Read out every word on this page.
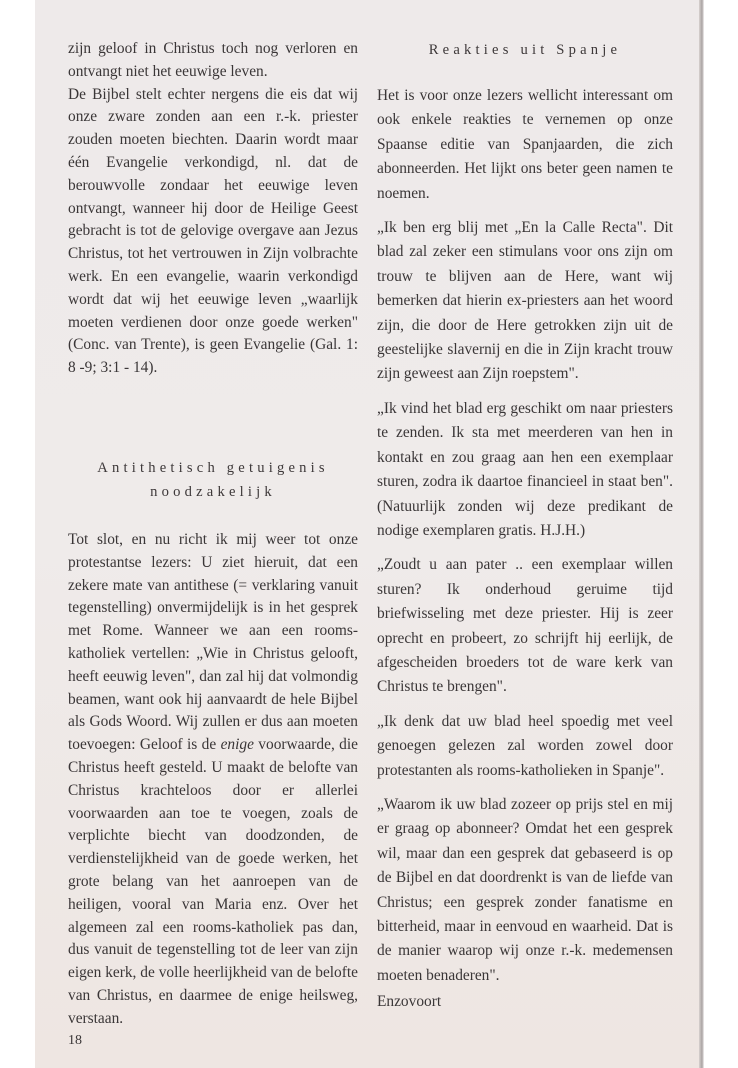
zijn geloof in Christus toch nog verloren en ontvangt niet het eeuwige leven.

De Bijbel stelt echter nergens die eis dat wij onze zware zonden aan een r.-k. priester zouden moeten biechten. Daarin wordt maar één Evangelie verkondigd, nl. dat de berouwvolle zondaar het eeuwige leven ontvangt, wanneer hij door de Heilige Geest gebracht is tot de gelovige overgave aan Jezus Christus, tot het vertrouwen in Zijn volbrachte werk. En een evangelie, waarin verkondigd wordt dat wij het eeuwige leven „waarlijk moeten verdienen door onze goede werken" (Conc. van Trente), is geen Evangelie (Gal. 1: 8 -9; 3:1 - 14).

Antithetisch getuigenis
noodzakelijk

Tot slot, en nu richt ik mij weer tot onze protestantse lezers: U ziet hieruit, dat een zekere mate van antithese (= verklaring vanuit tegenstelling) onvermijdelijk is in het gesprek met Rome. Wanneer we aan een rooms-katholiek vertellen: „Wie in Christus gelooft, heeft eeuwig leven", dan zal hij dat volmondig beamen, want ook hij aanvaardt de hele Bijbel als Gods Woord. Wij zullen er dus aan moeten toevoegen: Geloof is de enige voorwaarde, die Christus heeft gesteld. U maakt de belofte van Christus krachteloos door er allerlei voorwaarden aan toe te voegen, zoals de verplichte biecht van doodzonden, de verdienstelijkheid van de goede werken, het grote belang van het aanroepen van de heiligen, vooral van Maria enz. Over het algemeen zal een rooms-katholiek pas dan, dus vanuit de tegenstelling tot de leer van zijn eigen kerk, de volle heerlijkheid van de belofte van Christus, en daarmee de enige heilsweg, verstaan.

18
Reakties uit Spanje

Het is voor onze lezers wellicht interessant om ook enkele reakties te vernemen op onze Spaanse editie van Spanjaarden, die zich abonneerden. Het lijkt ons beter geen namen te noemen.

„Ik ben erg blij met „En la Calle Recta". Dit blad zal zeker een stimulans voor ons zijn om trouw te blijven aan de Here, want wij bemerken dat hierin ex-priesters aan het woord zijn, die door de Here getrokken zijn uit de geestelijke slavernij en die in Zijn kracht trouw zijn geweest aan Zijn roepstem".

„Ik vind het blad erg geschikt om naar priesters te zenden. Ik sta met meerderen van hen in kontakt en zou graag aan hen een exemplaar sturen, zodra ik daartoe financieel in staat ben". (Natuurlijk zonden wij deze predikant de nodige exemplaren gratis. H.J.H.)

„Zoudt u aan pater .. een exemplaar willen sturen? Ik onderhoud geruime tijd briefwisseling met deze priester. Hij is zeer oprecht en probeert, zo schrijft hij eerlijk, de afgescheiden broeders tot de ware kerk van Christus te brengen".

„Ik denk dat uw blad heel spoedig met veel genoegen gelezen zal worden zowel door protestanten als rooms-katholieken in Spanje".

„Waarom ik uw blad zozeer op prijs stel en mij er graag op abonneer? Omdat het een gesprek wil, maar dan een gesprek dat gebaseerd is op de Bijbel en dat doordrenkt is van de liefde van Christus; een gesprek zonder fanatisme en bitterheid, maar in eenvoud en waarheid. Dat is de manier waarop wij onze r.-k. medemensen moeten benaderen".

Enzovoort
